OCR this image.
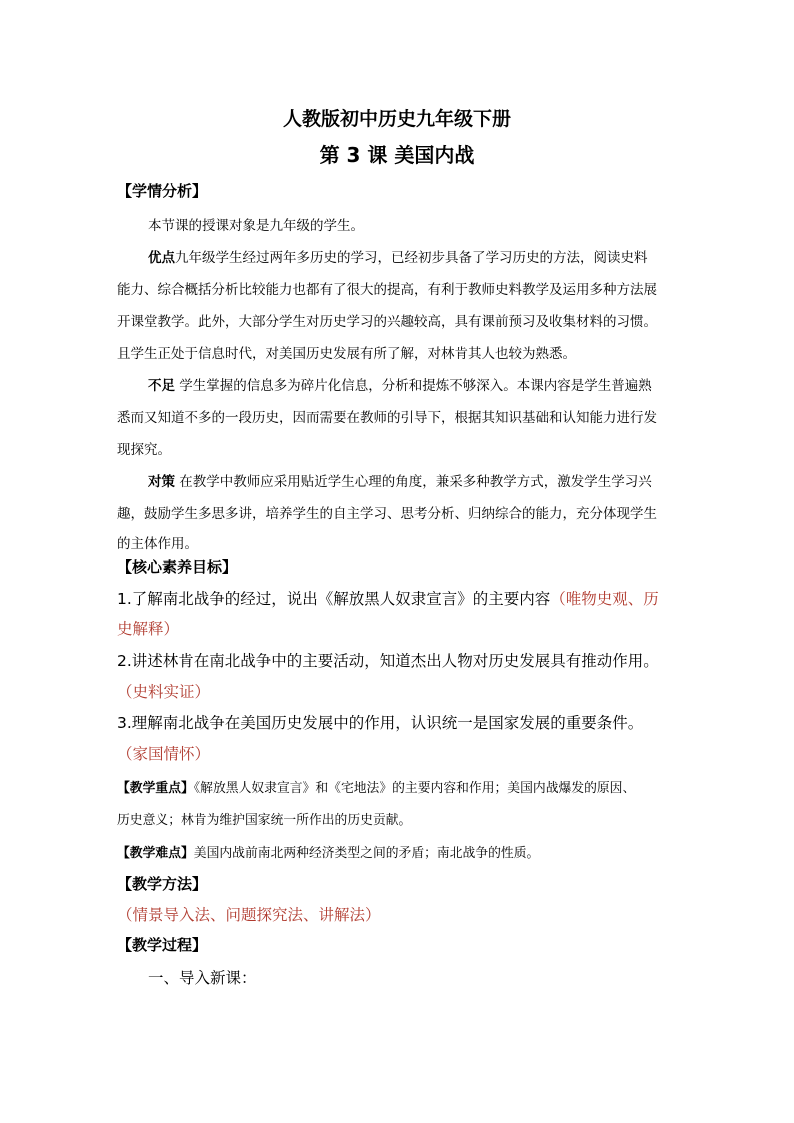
人教版初中历史九年级下册
第 3 课 美国内战
【学情分析】
本节课的授课对象是九年级的学生。
优点九年级学生经过两年多历史的学习，已经初步具备了学习历史的方法，阅读史料
能力、综合概括分析比较能力也都有了很大的提高，有利于教师史料教学及运用多种方法展
开课堂教学。此外，大部分学生对历史学习的兴趣较高，具有课前预习及收集材料的习惯。
且学生正处于信息时代，对美国历史发展有所了解，对林肯其人也较为熟悉。
不足 学生掌握的信息多为碎片化信息，分析和提炼不够深入。本课内容是学生普遍熟
悉而又知道不多的一段历史，因而需要在教师的引导下，根据其知识基础和认知能力进行发
现探究。
对策 在教学中教师应采用贴近学生心理的角度，兼采多种教学方式，激发学生学习兴
趣，鼓励学生多思多讲，培养学生的自主学习、思考分析、归纳综合的能力，充分体现学生
的主体作用。
【核心素养目标】
1.了解南北战争的经过，说出《解放黑人奴隶宣言》的主要内容（唯物史观、历
史解释）
2.讲述林肯在南北战争中的主要活动，知道杰出人物对历史发展具有推动作用。
（史料实证）
3.理解南北战争在美国历史发展中的作用，认识统一是国家发展的重要条件。
（家国情怀）
【教学重点】《解放黑人奴隶宣言》和《宅地法》的主要内容和作用；美国内战爆发的原因、
历史意义；林肯为维护国家统一所作出的历史贡献。
【教学难点】美国内战前南北两种经济类型之间的矛盾；南北战争的性质。
【教学方法】
（情景导入法、问题探究法、讲解法）
【教学过程】
一、导入新课：
